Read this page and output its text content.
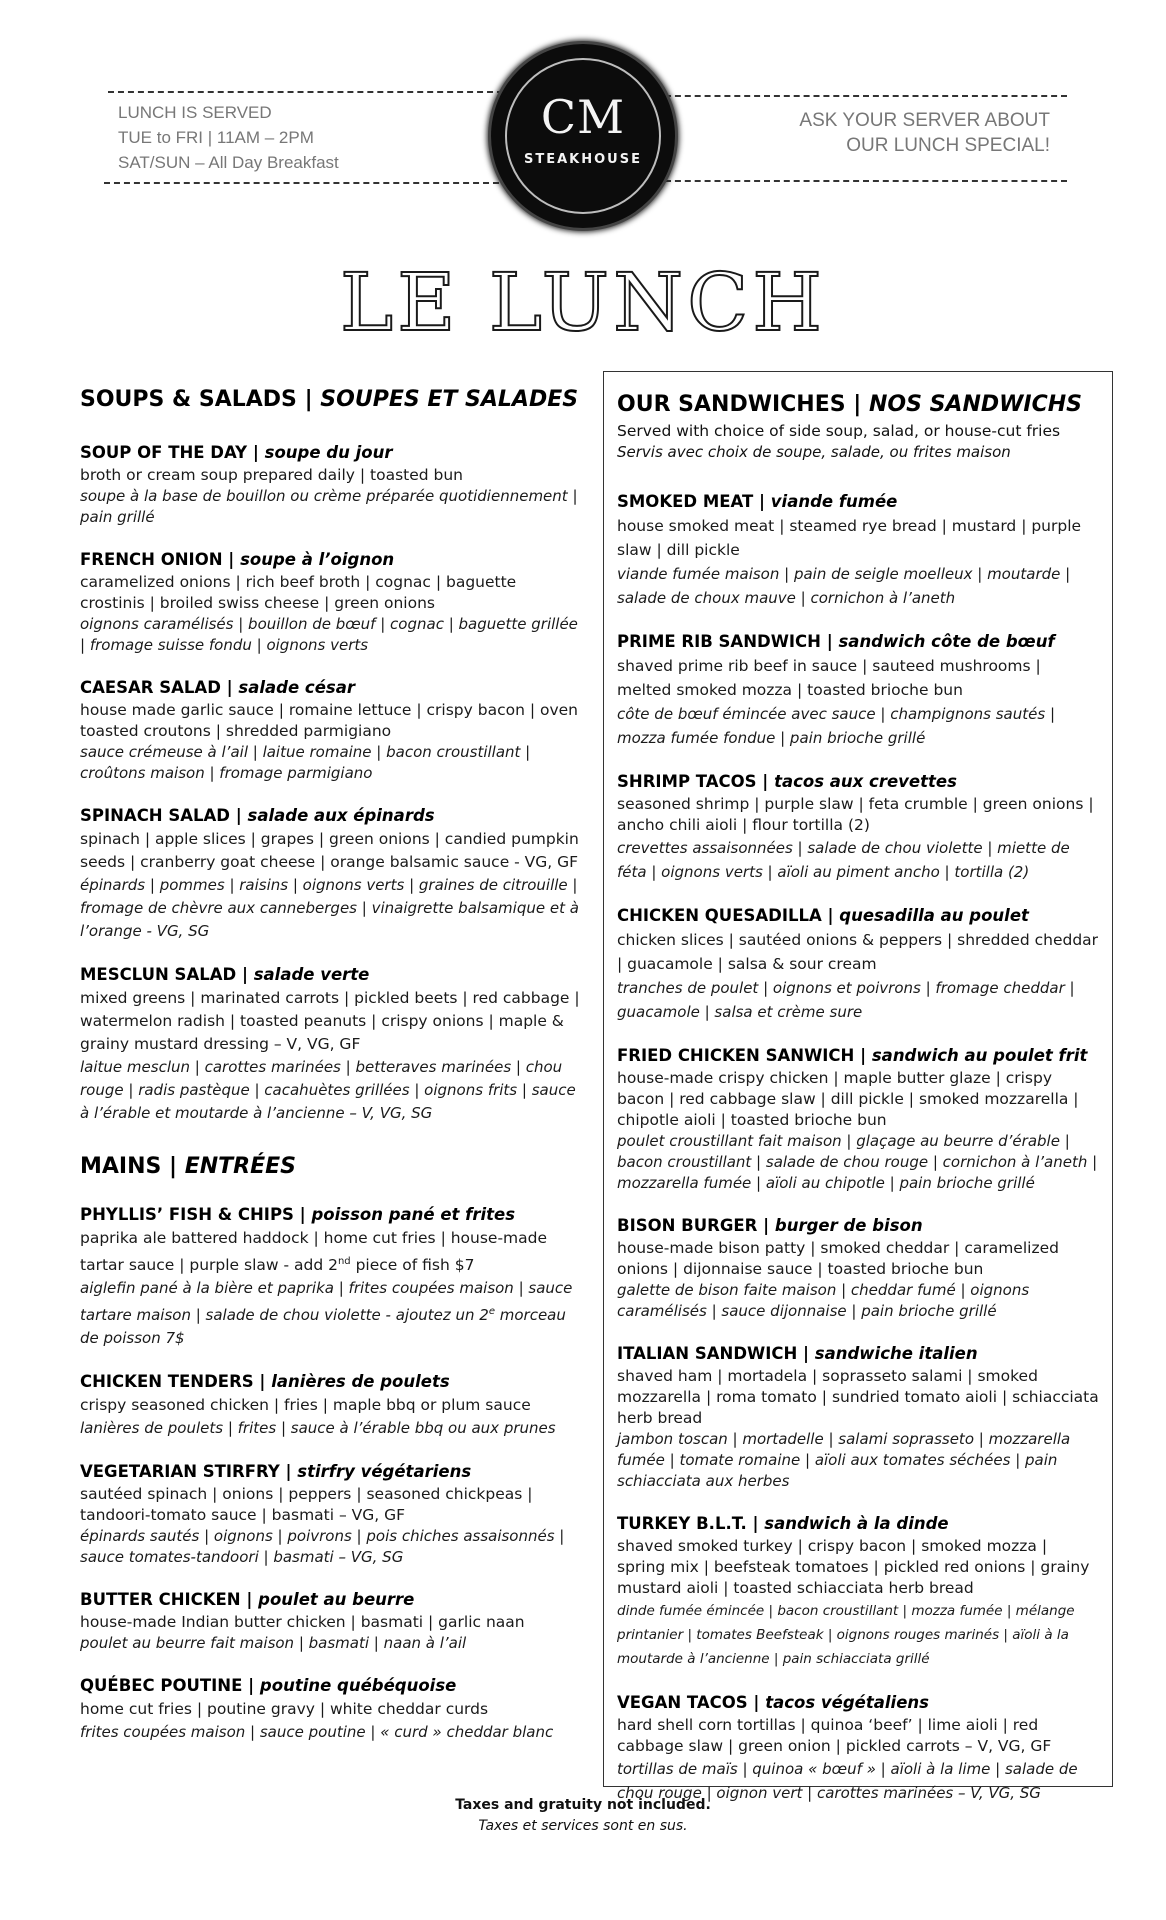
LUNCH IS SERVED
TUE to FRI | 11AM – 2PM
SAT/SUN – All Day Breakfast
ASK YOUR SERVER ABOUT
OUR LUNCH SPECIAL!
CM
STEAKHOUSE
LE LUNCH
SOUPS & SALADS | SOUPES ET SALADES
SOUP OF THE DAY | soupe du jour
broth or cream soup prepared daily | toasted bun
soupe à la base de bouillon ou crème préparée quotidiennement | pain grillé
FRENCH ONION | soupe à l’oignon
caramelized onions | rich beef broth | cognac | baguette crostinis | broiled swiss cheese | green onions
oignons caramélisés | bouillon de bœuf | cognac | baguette grillée | fromage suisse fondu | oignons verts
CAESAR SALAD | salade césar
house made garlic sauce | romaine lettuce | crispy bacon | oven toasted croutons | shredded parmigiano
sauce crémeuse à l’ail | laitue romaine | bacon croustillant | croûtons maison | fromage parmigiano
SPINACH SALAD | salade aux épinards
spinach | apple slices | grapes | green onions | candied pumpkin seeds | cranberry goat cheese | orange balsamic sauce - VG, GF
épinards | pommes | raisins | oignons verts | graines de citrouille | fromage de chèvre aux canneberges | vinaigrette balsamique et à l’orange - VG, SG
MESCLUN SALAD | salade verte
mixed greens | marinated carrots | pickled beets | red cabbage | watermelon radish | toasted peanuts | crispy onions | maple & grainy mustard dressing – V, VG, GF
laitue mesclun | carottes marinées | betteraves marinées | chou rouge | radis pastèque | cacahuètes grillées | oignons frits | sauce à l’érable et moutarde à l’ancienne – V, VG, SG
MAINS | ENTRÉES
PHYLLIS’ FISH & CHIPS | poisson pané et frites
paprika ale battered haddock | home cut fries | house-made tartar sauce | purple slaw - add 2nd piece of fish $7
aiglefin pané à la bière et paprika | frites coupées maison | sauce tartare maison | salade de chou violette - ajoutez un 2e morceau de poisson 7$
CHICKEN TENDERS | lanières de poulets
crispy seasoned chicken | fries | maple bbq or plum sauce
lanières de poulets | frites | sauce à l’érable bbq ou aux prunes
VEGETARIAN STIRFRY | stirfry végétariens
sautéed spinach | onions | peppers | seasoned chickpeas | tandoori-tomato sauce | basmati – VG, GF
épinards sautés | oignons | poivrons | pois chiches assaisonnés | sauce tomates-tandoori | basmati – VG, SG
BUTTER CHICKEN | poulet au beurre
house-made Indian butter chicken | basmati | garlic naan
poulet au beurre fait maison | basmati | naan à l’ail
QUÉBEC POUTINE | poutine québéquoise
home cut fries | poutine gravy | white cheddar curds
frites coupées maison | sauce poutine | « curd » cheddar blanc
OUR SANDWICHES | NOS SANDWICHS
Served with choice of side soup, salad, or house-cut fries
Servis avec choix de soupe, salade, ou frites maison
SMOKED MEAT | viande fumée
house smoked meat | steamed rye bread | mustard | purple slaw | dill pickle
viande fumée maison | pain de seigle moelleux | moutarde | salade de choux mauve | cornichon à l’aneth
PRIME RIB SANDWICH | sandwich côte de bœuf
shaved prime rib beef in sauce | sauteed mushrooms | melted smoked mozza | toasted brioche bun
côte de bœuf émincée avec sauce | champignons sautés | mozza fumée fondue | pain brioche grillé
SHRIMP TACOS | tacos aux crevettes
seasoned shrimp | purple slaw | feta crumble | green onions | ancho chili aioli | flour tortilla (2)
crevettes assaisonnées | salade de chou violette | miette de féta | oignons verts | aïoli au piment ancho | tortilla (2)
CHICKEN QUESADILLA | quesadilla au poulet
chicken slices | sautéed onions & peppers | shredded cheddar | guacamole | salsa & sour cream
tranches de poulet | oignons et poivrons | fromage cheddar | guacamole | salsa et crème sure
FRIED CHICKEN SANWICH | sandwich au poulet frit
house-made crispy chicken | maple butter glaze | crispy bacon | red cabbage slaw | dill pickle | smoked mozzarella | chipotle aioli | toasted brioche bun
poulet croustillant fait maison | glaçage au beurre d’érable | bacon croustillant | salade de chou rouge | cornichon à l’aneth | mozzarella fumée | aïoli au chipotle | pain brioche grillé
BISON BURGER | burger de bison
house-made bison patty | smoked cheddar | caramelized onions | dijonnaise sauce | toasted brioche bun
galette de bison faite maison | cheddar fumé | oignons caramélisés | sauce dijonnaise | pain brioche grillé
ITALIAN SANDWICH | sandwiche italien
shaved ham | mortadela | soprasseto salami | smoked mozzarella | roma tomato | sundried tomato aioli | schiacciata herb bread
jambon toscan | mortadelle | salami soprasseto | mozzarella fumée | tomate romaine | aïoli aux tomates séchées | pain schiacciata aux herbes
TURKEY B.L.T. | sandwich à la dinde
shaved smoked turkey | crispy bacon | smoked mozza | spring mix | beefsteak tomatoes | pickled red onions | grainy mustard aioli | toasted schiacciata herb bread
dinde fumée émincée | bacon croustillant | mozza fumée | mélange printanier | tomates Beefsteak | oignons rouges marinés | aïoli à la moutarde à l’ancienne | pain schiacciata grillé
VEGAN TACOS | tacos végétaliens
hard shell corn tortillas | quinoa ‘beef’ | lime aioli | red cabbage slaw | green onion | pickled carrots – V, VG, GF
tortillas de maïs | quinoa « bœuf » | aïoli à la lime | salade de chou rouge | oignon vert | carottes marinées – V, VG, SG
Taxes and gratuity not included.
Taxes et services sont en sus.
